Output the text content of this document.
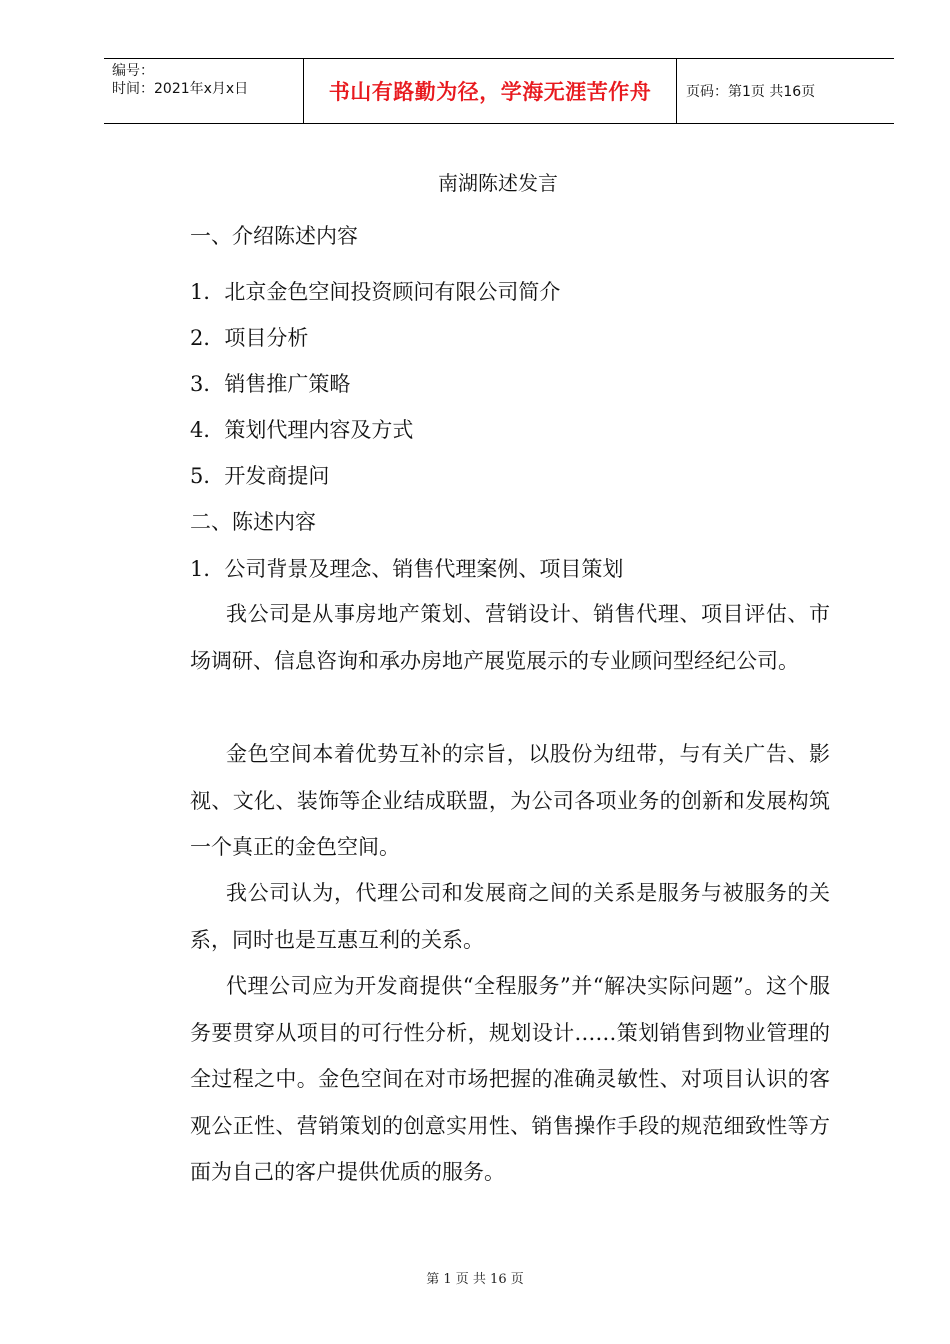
编号：
时间：2021年x月x日	书山有路勤为径，学海无涯苦作舟	页码：第1页 共16页
南湖陈述发言
一、介绍陈述内容
1．北京金色空间投资顾问有限公司简介
2．项目分析
3．销售推广策略
4．策划代理内容及方式
5．开发商提问
二、陈述内容
1．公司背景及理念、销售代理案例、项目策划
我公司是从事房地产策划、营销设计、销售代理、项目评估、市场调研、信息咨询和承办房地产展览展示的专业顾问型经纪公司。
金色空间本着优势互补的宗旨，以股份为纽带，与有关广告、影视、文化、装饰等企业结成联盟，为公司各项业务的创新和发展构筑一个真正的金色空间。
我公司认为，代理公司和发展商之间的关系是服务与被服务的关系，同时也是互惠互利的关系。
代理公司应为开发商提供“全程服务”并“解决实际问题”。这个服务要贯穿从项目的可行性分析，规划设计……策划销售到物业管理的全过程之中。金色空间在对市场把握的准确灵敏性、对项目认识的客观公正性、营销策划的创意实用性、销售操作手段的规范细致性等方面为自己的客户提供优质的服务。
第 1 页 共 16 页
